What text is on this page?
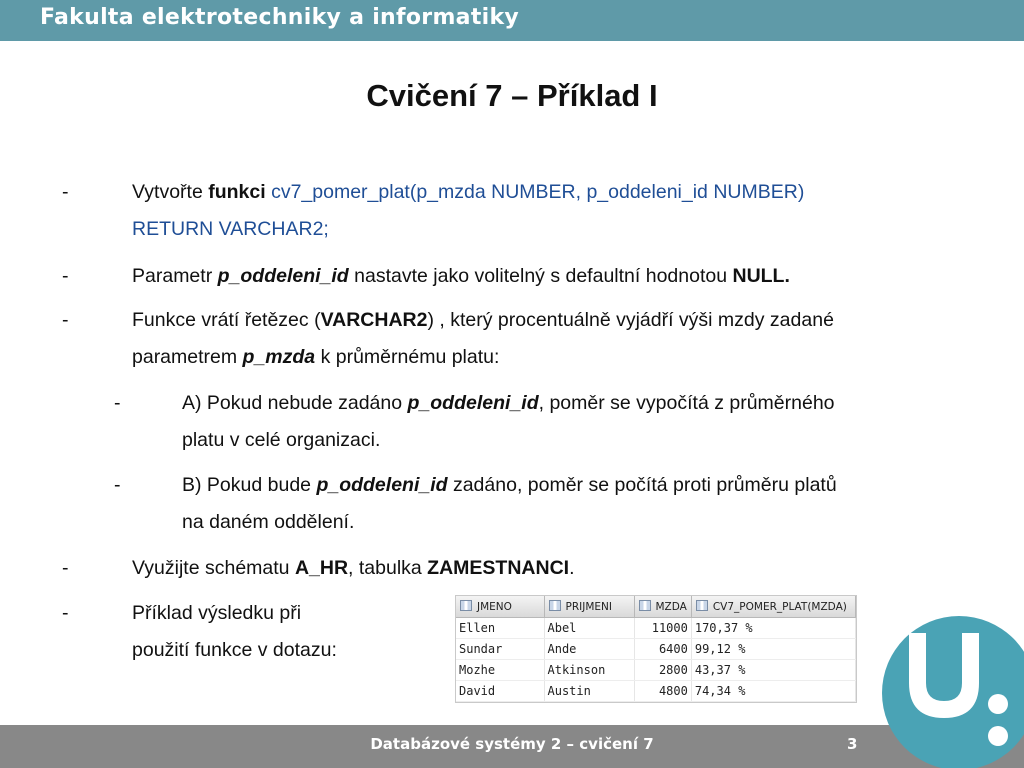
Fakulta elektrotechniky a informatiky
Cvičení 7 – Příklad I
-	Vytvořte funkci cv7_pomer_plat(p_mzda NUMBER, p_oddeleni_id NUMBER)
RETURN VARCHAR2;
-	Parametr p_oddeleni_id nastavte jako volitelný s defaultní hodnotou NULL.
-	Funkce vrátí řetězec (VARCHAR2) , který procentuálně vyjádří výši mzdy zadané
parametrem p_mzda k průměrnému platu:
-	A) Pokud nebude zadáno p_oddeleni_id, poměr se vypočítá z průměrného
platu v celé organizaci.
-	B) Pokud bude p_oddeleni_id zadáno, poměr se počítá proti průměru platů
na daném oddělení.
-	Využijte schématu A_HR, tabulka ZAMESTNANCI.
-	Příklad výsledku při
použití funkce v dotazu:
JMENO	PRIJMENI	MZDA	CV7_POMER_PLAT(MZDA)
Ellen	Abel	11000	170,37 %
Sundar	Ande	6400	99,12 %
Mozhe	Atkinson	2800	43,37 %
David	Austin	4800	74,34 %
Databázové systémy 2 – cvičení 7	3
